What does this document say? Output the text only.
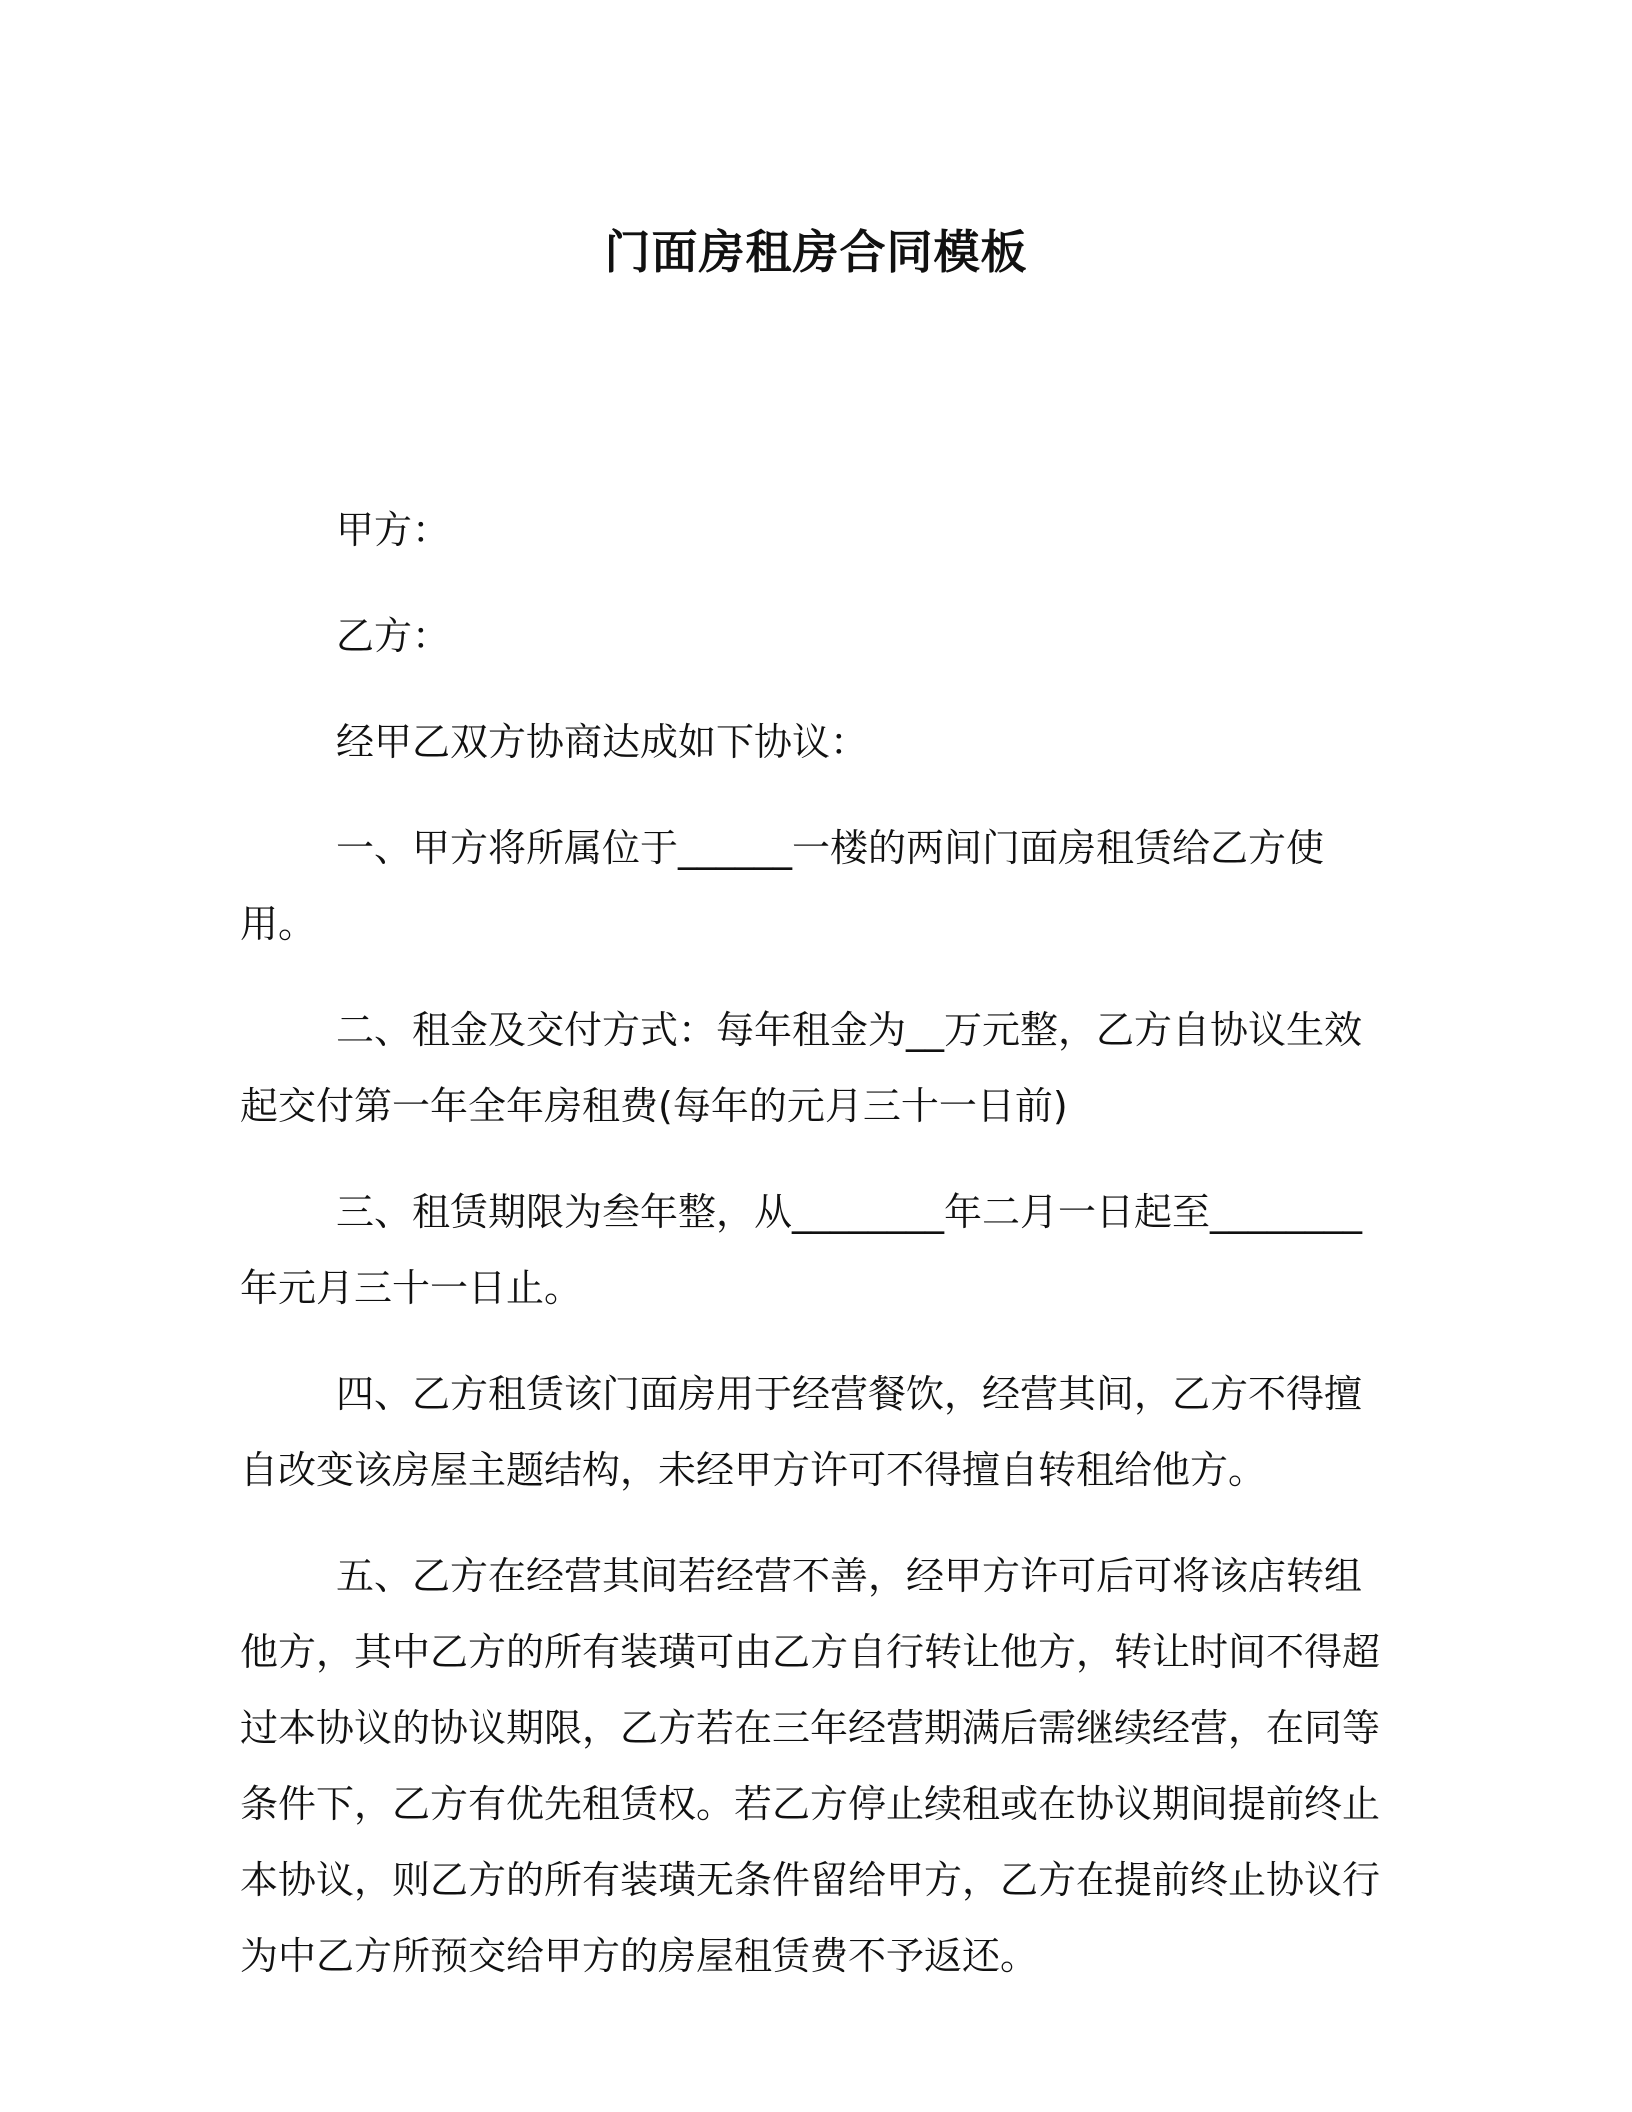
门面房租房合同模板

甲方：

乙方：

经甲乙双方协商达成如下协议：

一、甲方将所属位于______一楼的两间门面房租赁给乙方使用。

二、租金及交付方式：每年租金为__万元整，乙方自协议生效起交付第一年全年房租费(每年的元月三十一日前)

三、租赁期限为叁年整，从________年二月一日起至________年元月三十一日止。

四、乙方租赁该门面房用于经营餐饮，经营其间，乙方不得擅自改变该房屋主题结构，未经甲方许可不得擅自转租给他方。

五、乙方在经营其间若经营不善，经甲方许可后可将该店转组他方，其中乙方的所有装璜可由乙方自行转让他方，转让时间不得超过本协议的协议期限，乙方若在三年经营期满后需继续经营，在同等条件下，乙方有优先租赁权。若乙方停止续租或在协议期间提前终止本协议，则乙方的所有装璜无条件留给甲方，乙方在提前终止协议行为中乙方所预交给甲方的房屋租赁费不予返还。
